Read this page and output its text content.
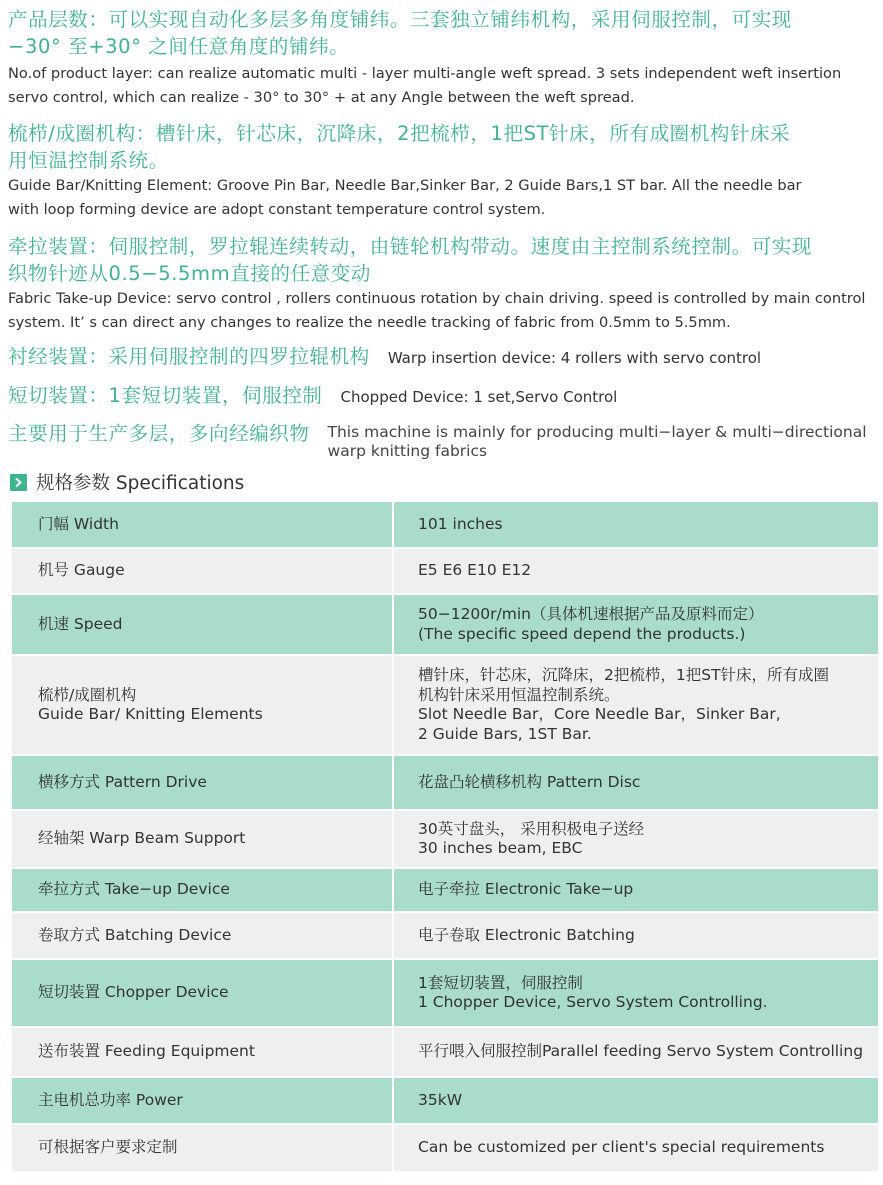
产品层数：可以实现自动化多层多角度铺纬。三套独立铺纬机构，采用伺服控制，可实现
−30° 至+30° 之间任意角度的铺纬。
No.of product layer: can realize automatic multi - layer multi-angle weft spread. 3 sets independent weft insertion
servo control, which can realize - 30° to 30° + at any Angle between the weft spread.
梳栉/成圈机构：槽针床，针芯床，沉降床，2把梳栉，1把ST针床，所有成圈机构针床采
用恒温控制系统。
Guide Bar/Knitting Element: Groove Pin Bar, Needle Bar,Sinker Bar, 2 Guide Bars,1 ST bar. All the needle bar
with loop forming device are adopt constant temperature control system.
牵拉装置：伺服控制，罗拉辊连续转动，由链轮机构带动。速度由主控制系统控制。可实现
织物针迹从0.5−5.5mm直接的任意变动
Fabric Take-up Device: servo control , rollers continuous rotation by chain driving. speed is controlled by main control
system. It’ s can direct any changes to realize the needle tracking of fabric from 0.5mm to 5.5mm.
衬经装置：采用伺服控制的四罗拉辊机构 Warp insertion device: 4 rollers with servo control
短切装置：1套短切装置，伺服控制 Chopped Device: 1 set,Servo Control
主要用于生产多层，多向经编织物 This machine is mainly for producing multi−layer & multi−directional
warp knitting fabrics
规格参数 Specifications
门幅 Width	101 inches

机号 Gauge	E5 E6 E10 E12

机速 Speed	50−1200r/min（具体机速根据产品及原料而定）
(The specific speed depend the products.)

梳栉/成圈机构
Guide Bar/ Knitting Elements	槽针床，针芯床，沉降床，2把梳栉，1把ST针床，所有成圈
机构针床采用恒温控制系统。
Slot Needle Bar，Core Needle Bar，Sinker Bar,
2 Guide Bars, 1ST Bar.

横移方式 Pattern Drive	花盘凸轮横移机构 Pattern Disc

经轴架 Warp Beam Support	30英寸盘头， 采用积极电子送经
30 inches beam, EBC

牵拉方式 Take−up Device	电子牵拉 Electronic Take−up

卷取方式 Batching Device	电子卷取 Electronic Batching

短切装置 Chopper Device	1套短切装置，伺服控制
1 Chopper Device, Servo System Controlling.

送布装置 Feeding Equipment	平行喂入伺服控制Parallel feeding Servo System Controlling

主电机总功率 Power	35kW

可根据客户要求定制	Can be customized per client's special requirements
